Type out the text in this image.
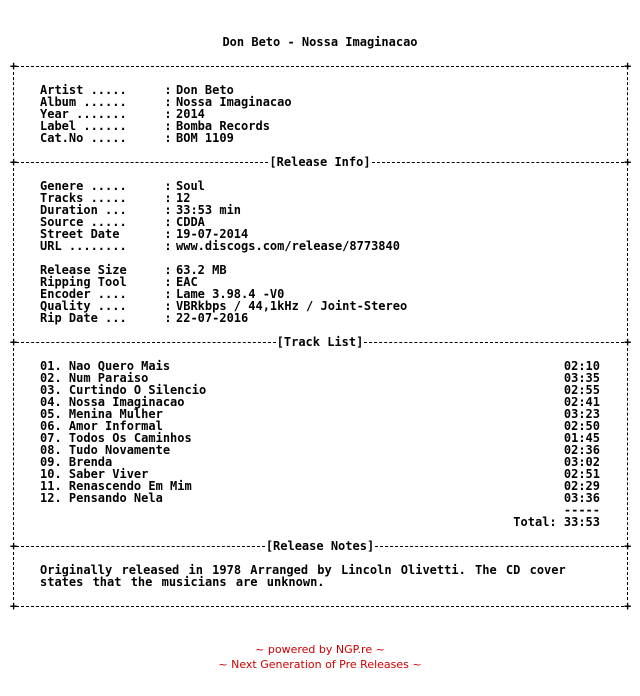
Don Beto - Nossa Imaginacao
+	+
Artist .....	: Don Beto
Album ......	: Nossa Imaginacao
Year .......	: 2014
Label ......	: Bomba Records
Cat.No .....	: BOM 1109
+	[Release Info]	+
Genere .....	: Soul
Tracks .....	: 12
Duration ...	: 33:53 min
Source .....	: CDDA
Street Date	: 19-07-2014
URL ........	: www.discogs.com/release/8773840
Release Size	: 63.2 MB
Ripping Tool	: EAC
Encoder ....	: Lame 3.98.4 -V0
Quality ....	: VBRkbps / 44,1kHz / Joint-Stereo
Rip Date ...	: 22-07-2016
+	[Track List]	+
01. Nao Quero Mais	02:10
02. Num Paraiso	03:35
03. Curtindo O Silencio	02:55
04. Nossa Imaginacao	02:41
05. Menina Mulher	03:23
06. Amor Informal	02:50
07. Todos Os Caminhos	01:45
08. Tudo Novamente	02:36
09. Brenda	03:02
10. Saber Viver	02:51
11. Renascendo Em Mim	02:29
12. Pensando Nela	03:36
-----
Total: 33:53
+	[Release Notes]	+
Originally released in 1978 Arranged by Lincoln Olivetti. The CD cover states that the musicians are unknown.
+	+
~ powered by NGP.re ~
~ Next Generation of Pre Releases ~
